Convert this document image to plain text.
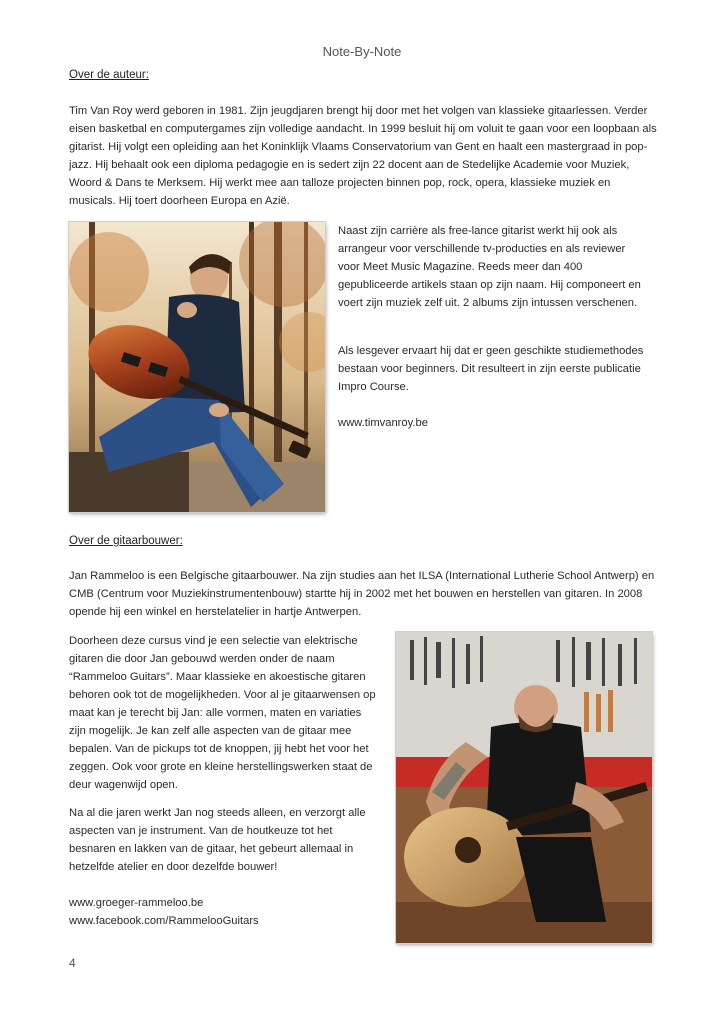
Note-By-Note
Over de auteur:

Tim Van Roy werd geboren in 1981. Zijn jeugdjaren brengt hij door met het volgen van klassieke gitaarlessen. Verder eisen basketbal en computergames zijn volledige aandacht. In 1999 besluit hij om voluit te gaan voor een loopbaan als gitarist. Hij volgt een opleiding aan het Koninklijk Vlaams Conservatorium van Gent en haalt een mastergraad in pop-jazz. Hij behaalt ook een diploma pedagogie en is sedert zijn 22 docent aan de Stedelijke Academie voor Muziek, Woord & Dans te Merksem. Hij werkt mee aan talloze projecten binnen pop, rock, opera, klassieke muziek en musicals. Hij toert doorheen Europa en Azië.

Naast zijn carrière als free-lance gitarist werkt hij ook als arrangeur voor verschillende tv-producties en als reviewer voor Meet Music Magazine. Reeds meer dan 400 gepubliceerde artikels staan op zijn naam. Hij componeert en voert zijn muziek zelf uit. 2 albums zijn intussen verschenen.

Als lesgever ervaart hij dat er geen geschikte studiemethodes bestaan voor beginners. Dit resulteert in zijn eerste publicatie Impro Course.

www.timvanroy.be
Over de gitaarbouwer:

Jan Rammeloo is een Belgische gitaarbouwer. Na zijn studies aan het ILSA (International Lutherie School Antwerp) en CMB (Centrum voor Muziekinstrumentenbouw) startte hij in 2002 met het bouwen en herstellen van gitaren. In 2008 opende hij een winkel en herstelatelier in hartje Antwerpen.

Doorheen deze cursus vind je een selectie van elektrische gitaren die door Jan gebouwd werden onder de naam “Rammeloo Guitars”. Maar klassieke en akoestische gitaren behoren ook tot de mogelijkheden. Voor al je gitaarwensen op maat kan je terecht bij Jan: alle vormen, maten en variaties zijn mogelijk. Je kan zelf alle aspecten van de gitaar mee bepalen. Van de pickups tot de knoppen, jij hebt het voor het zeggen. Ook voor grote en kleine herstellingswerken staat de deur wagenwijd open.

Na al die jaren werkt Jan nog steeds alleen, en verzorgt alle aspecten van je instrument. Van de houtkeuze tot het besnaren en lakken van de gitaar, het gebeurt allemaal in hetzelfde atelier en door dezelfde bouwer!

www.groeger-rammeloo.be
www.facebook.com/RammelooGuitars
4
